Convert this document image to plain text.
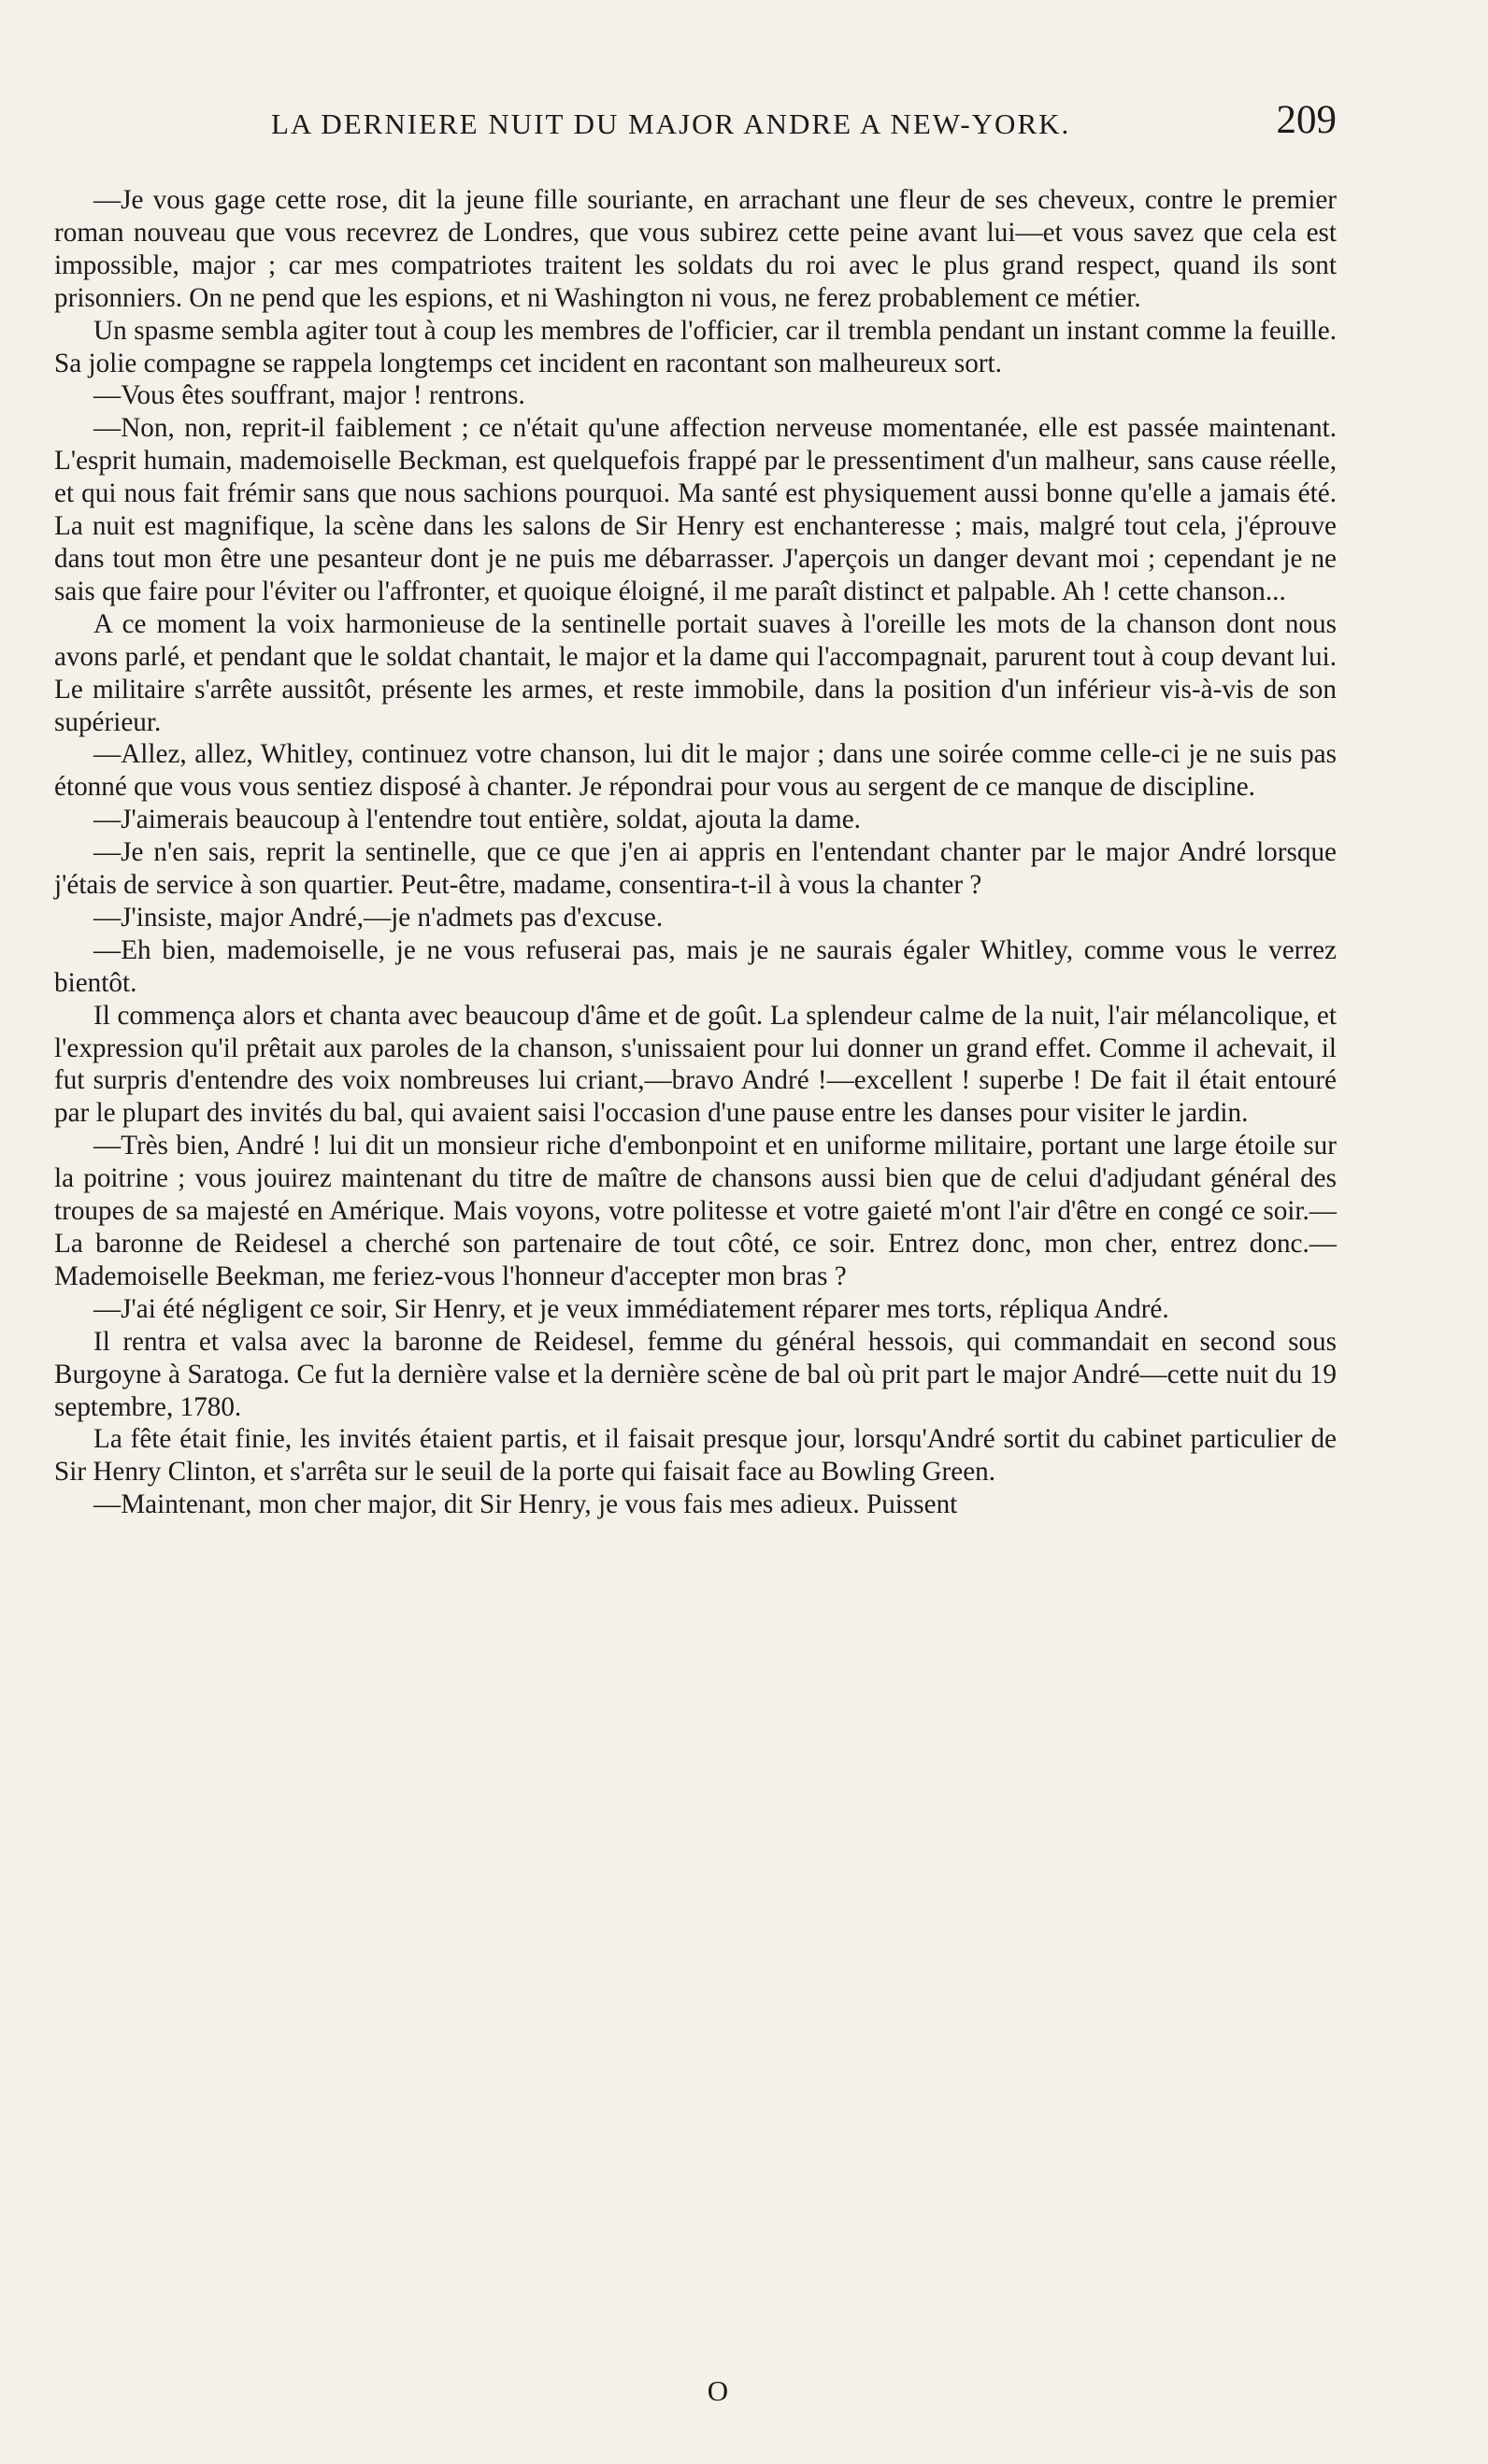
LA DERNIERE NUIT DU MAJOR ANDRE A NEW-YORK.	209

—Je vous gage cette rose, dit la jeune fille souriante, en arrachant une fleur de ses cheveux, contre le premier roman nouveau que vous recevrez de Londres, que vous subirez cette peine avant lui—et vous savez que cela est impossible, major ; car mes compatriotes traitent les soldats du roi avec le plus grand respect, quand ils sont prisonniers. On ne pend que les espions, et ni Washington ni vous, ne ferez probablement ce métier.

Un spasme sembla agiter tout à coup les membres de l'officier, car il trembla pendant un instant comme la feuille. Sa jolie compagne se rappela longtemps cet incident en racontant son malheureux sort.

—Vous êtes souffrant, major ! rentrons.

—Non, non, reprit-il faiblement ; ce n'était qu'une affection nerveuse momentanée, elle est passée maintenant. L'esprit humain, mademoiselle Beckman, est quelquefois frappé par le pressentiment d'un malheur, sans cause réelle, et qui nous fait frémir sans que nous sachions pourquoi. Ma santé est physiquement aussi bonne qu'elle a jamais été. La nuit est magnifique, la scène dans les salons de Sir Henry est enchanteresse ; mais, malgré tout cela, j'éprouve dans tout mon être une pesanteur dont je ne puis me débarrasser. J'aperçois un danger devant moi ; cependant je ne sais que faire pour l'éviter ou l'affronter, et quoique éloigné, il me paraît distinct et palpable. Ah ! cette chanson...

A ce moment la voix harmonieuse de la sentinelle portait suaves à l'oreille les mots de la chanson dont nous avons parlé, et pendant que le soldat chantait, le major et la dame qui l'accompagnait, parurent tout à coup devant lui. Le militaire s'arrête aussitôt, présente les armes, et reste immobile, dans la position d'un inférieur vis-à-vis de son supérieur.

—Allez, allez, Whitley, continuez votre chanson, lui dit le major ; dans une soirée comme celle-ci je ne suis pas étonné que vous vous sentiez disposé à chanter. Je répondrai pour vous au sergent de ce manque de discipline.

—J'aimerais beaucoup à l'entendre tout entière, soldat, ajouta la dame.

—Je n'en sais, reprit la sentinelle, que ce que j'en ai appris en l'entendant chanter par le major André lorsque j'étais de service à son quartier. Peut-être, madame, consentira-t-il à vous la chanter ?

—J'insiste, major André,—je n'admets pas d'excuse.

—Eh bien, mademoiselle, je ne vous refuserai pas, mais je ne saurais égaler Whitley, comme vous le verrez bientôt.

Il commença alors et chanta avec beaucoup d'âme et de goût. La splendeur calme de la nuit, l'air mélancolique, et l'expression qu'il prêtait aux paroles de la chanson, s'unissaient pour lui donner un grand effet. Comme il achevait, il fut surpris d'entendre des voix nombreuses lui criant,—bravo André !—excellent ! superbe ! De fait il était entouré par le plupart des invités du bal, qui avaient saisi l'occasion d'une pause entre les danses pour visiter le jardin.

—Très bien, André ! lui dit un monsieur riche d'embonpoint et en uniforme militaire, portant une large étoile sur la poitrine ; vous jouirez maintenant du titre de maître de chansons aussi bien que de celui d'adjudant général des troupes de sa majesté en Amérique. Mais voyons, votre politesse et votre gaieté m'ont l'air d'être en congé ce soir.—La baronne de Reidesel a cherché son partenaire de tout côté, ce soir. Entrez donc, mon cher, entrez donc.—Mademoiselle Beekman, me feriez-vous l'honneur d'accepter mon bras ?

—J'ai été négligent ce soir, Sir Henry, et je veux immédiatement réparer mes torts, répliqua André.

Il rentra et valsa avec la baronne de Reidesel, femme du général hessois, qui commandait en second sous Burgoyne à Saratoga. Ce fut la dernière valse et la dernière scène de bal où prit part le major André—cette nuit du 19 septembre, 1780.

La fête était finie, les invités étaient partis, et il faisait presque jour, lorsqu'André sortit du cabinet particulier de Sir Henry Clinton, et s'arrêta sur le seuil de la porte qui faisait face au Bowling Green.

—Maintenant, mon cher major, dit Sir Henry, je vous fais mes adieux. Puissent

O
